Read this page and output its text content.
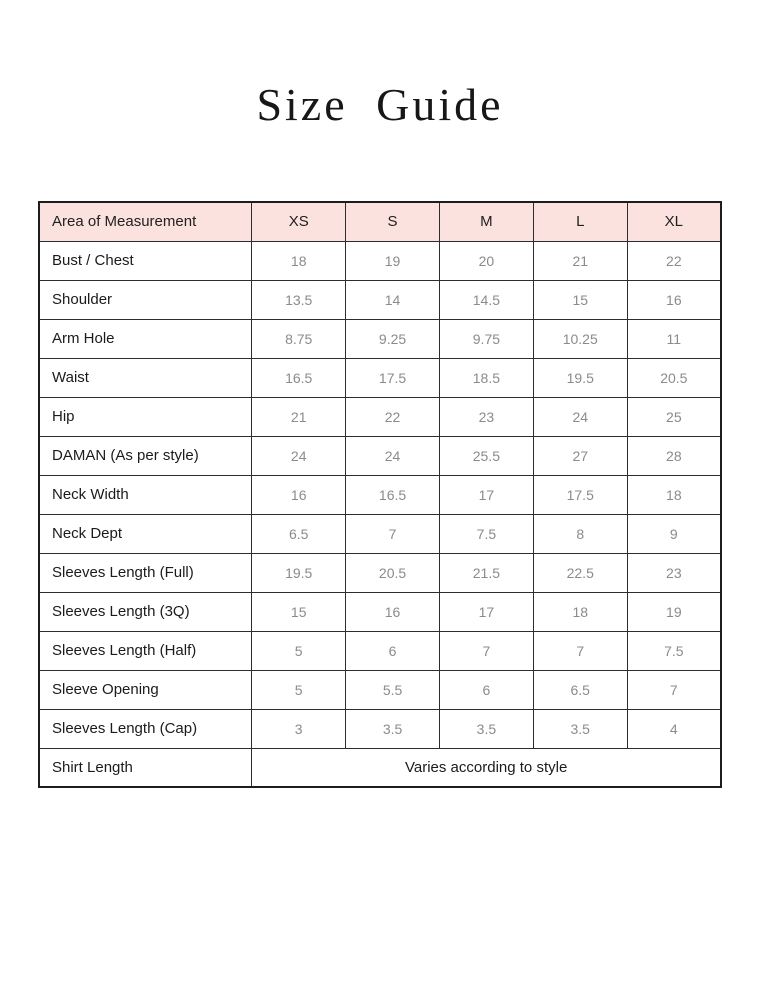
Size Guide
Area of Measurement	XS	S	M	L	XL
Bust / Chest	18	19	20	21	22
Shoulder	13.5	14	14.5	15	16
Arm Hole	8.75	9.25	9.75	10.25	11
Waist	16.5	17.5	18.5	19.5	20.5
Hip	21	22	23	24	25
DAMAN (As per style)	24	24	25.5	27	28
Neck Width	16	16.5	17	17.5	18
Neck Dept	6.5	7	7.5	8	9
Sleeves Length (Full)	19.5	20.5	21.5	22.5	23
Sleeves Length (3Q)	15	16	17	18	19
Sleeves Length (Half)	5	6	7	7	7.5
Sleeve Opening	5	5.5	6	6.5	7
Sleeves Length (Cap)	3	3.5	3.5	3.5	4
Shirt Length	Varies according to style				
